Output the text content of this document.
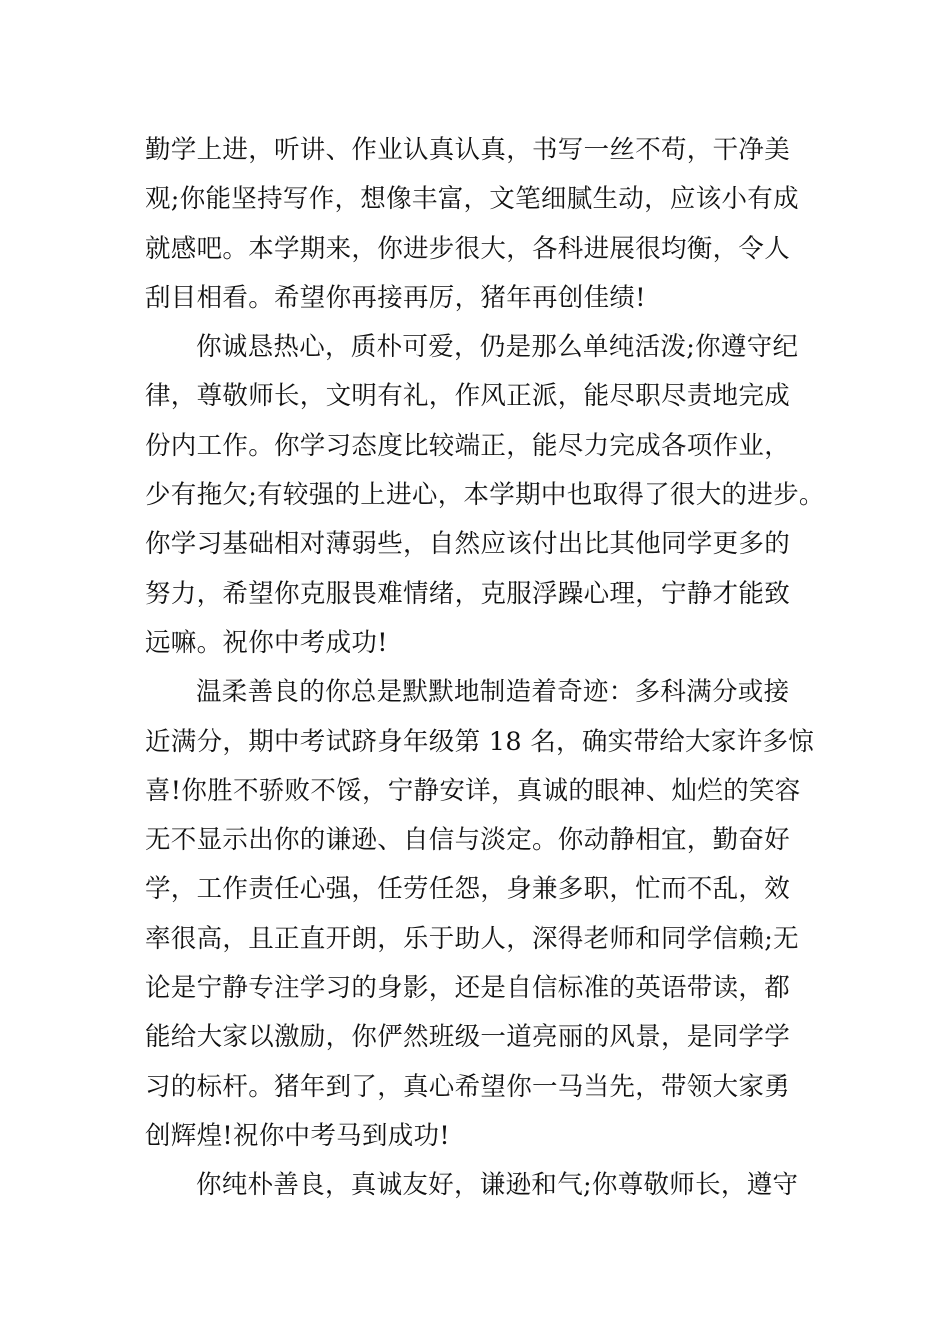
勤学上进，听讲、作业认真认真，书写一丝不苟，干净美
观;你能坚持写作，想像丰富，文笔细腻生动，应该小有成
就感吧。本学期来，你进步很大，各科进展很均衡，令人
刮目相看。希望你再接再厉，猪年再创佳绩!
你诚恳热心，质朴可爱，仍是那么单纯活泼;你遵守纪
律，尊敬师长，文明有礼，作风正派，能尽职尽责地完成
份内工作。你学习态度比较端正，能尽力完成各项作业，
少有拖欠;有较强的上进心，本学期中也取得了很大的进步。
你学习基础相对薄弱些，自然应该付出比其他同学更多的
努力，希望你克服畏难情绪，克服浮躁心理，宁静才能致
远嘛。祝你中考成功!
温柔善良的你总是默默地制造着奇迹：多科满分或接
近满分，期中考试跻身年级第 18 名，确实带给大家许多惊
喜!你胜不骄败不馁，宁静安详，真诚的眼神、灿烂的笑容
无不显示出你的谦逊、自信与淡定。你动静相宜，勤奋好
学，工作责任心强，任劳任怨，身兼多职，忙而不乱，效
率很高，且正直开朗，乐于助人，深得老师和同学信赖;无
论是宁静专注学习的身影，还是自信标准的英语带读，都
能给大家以激励，你俨然班级一道亮丽的风景，是同学学
习的标杆。猪年到了，真心希望你一马当先，带领大家勇
创辉煌!祝你中考马到成功!
你纯朴善良，真诚友好，谦逊和气;你尊敬师长，遵守
